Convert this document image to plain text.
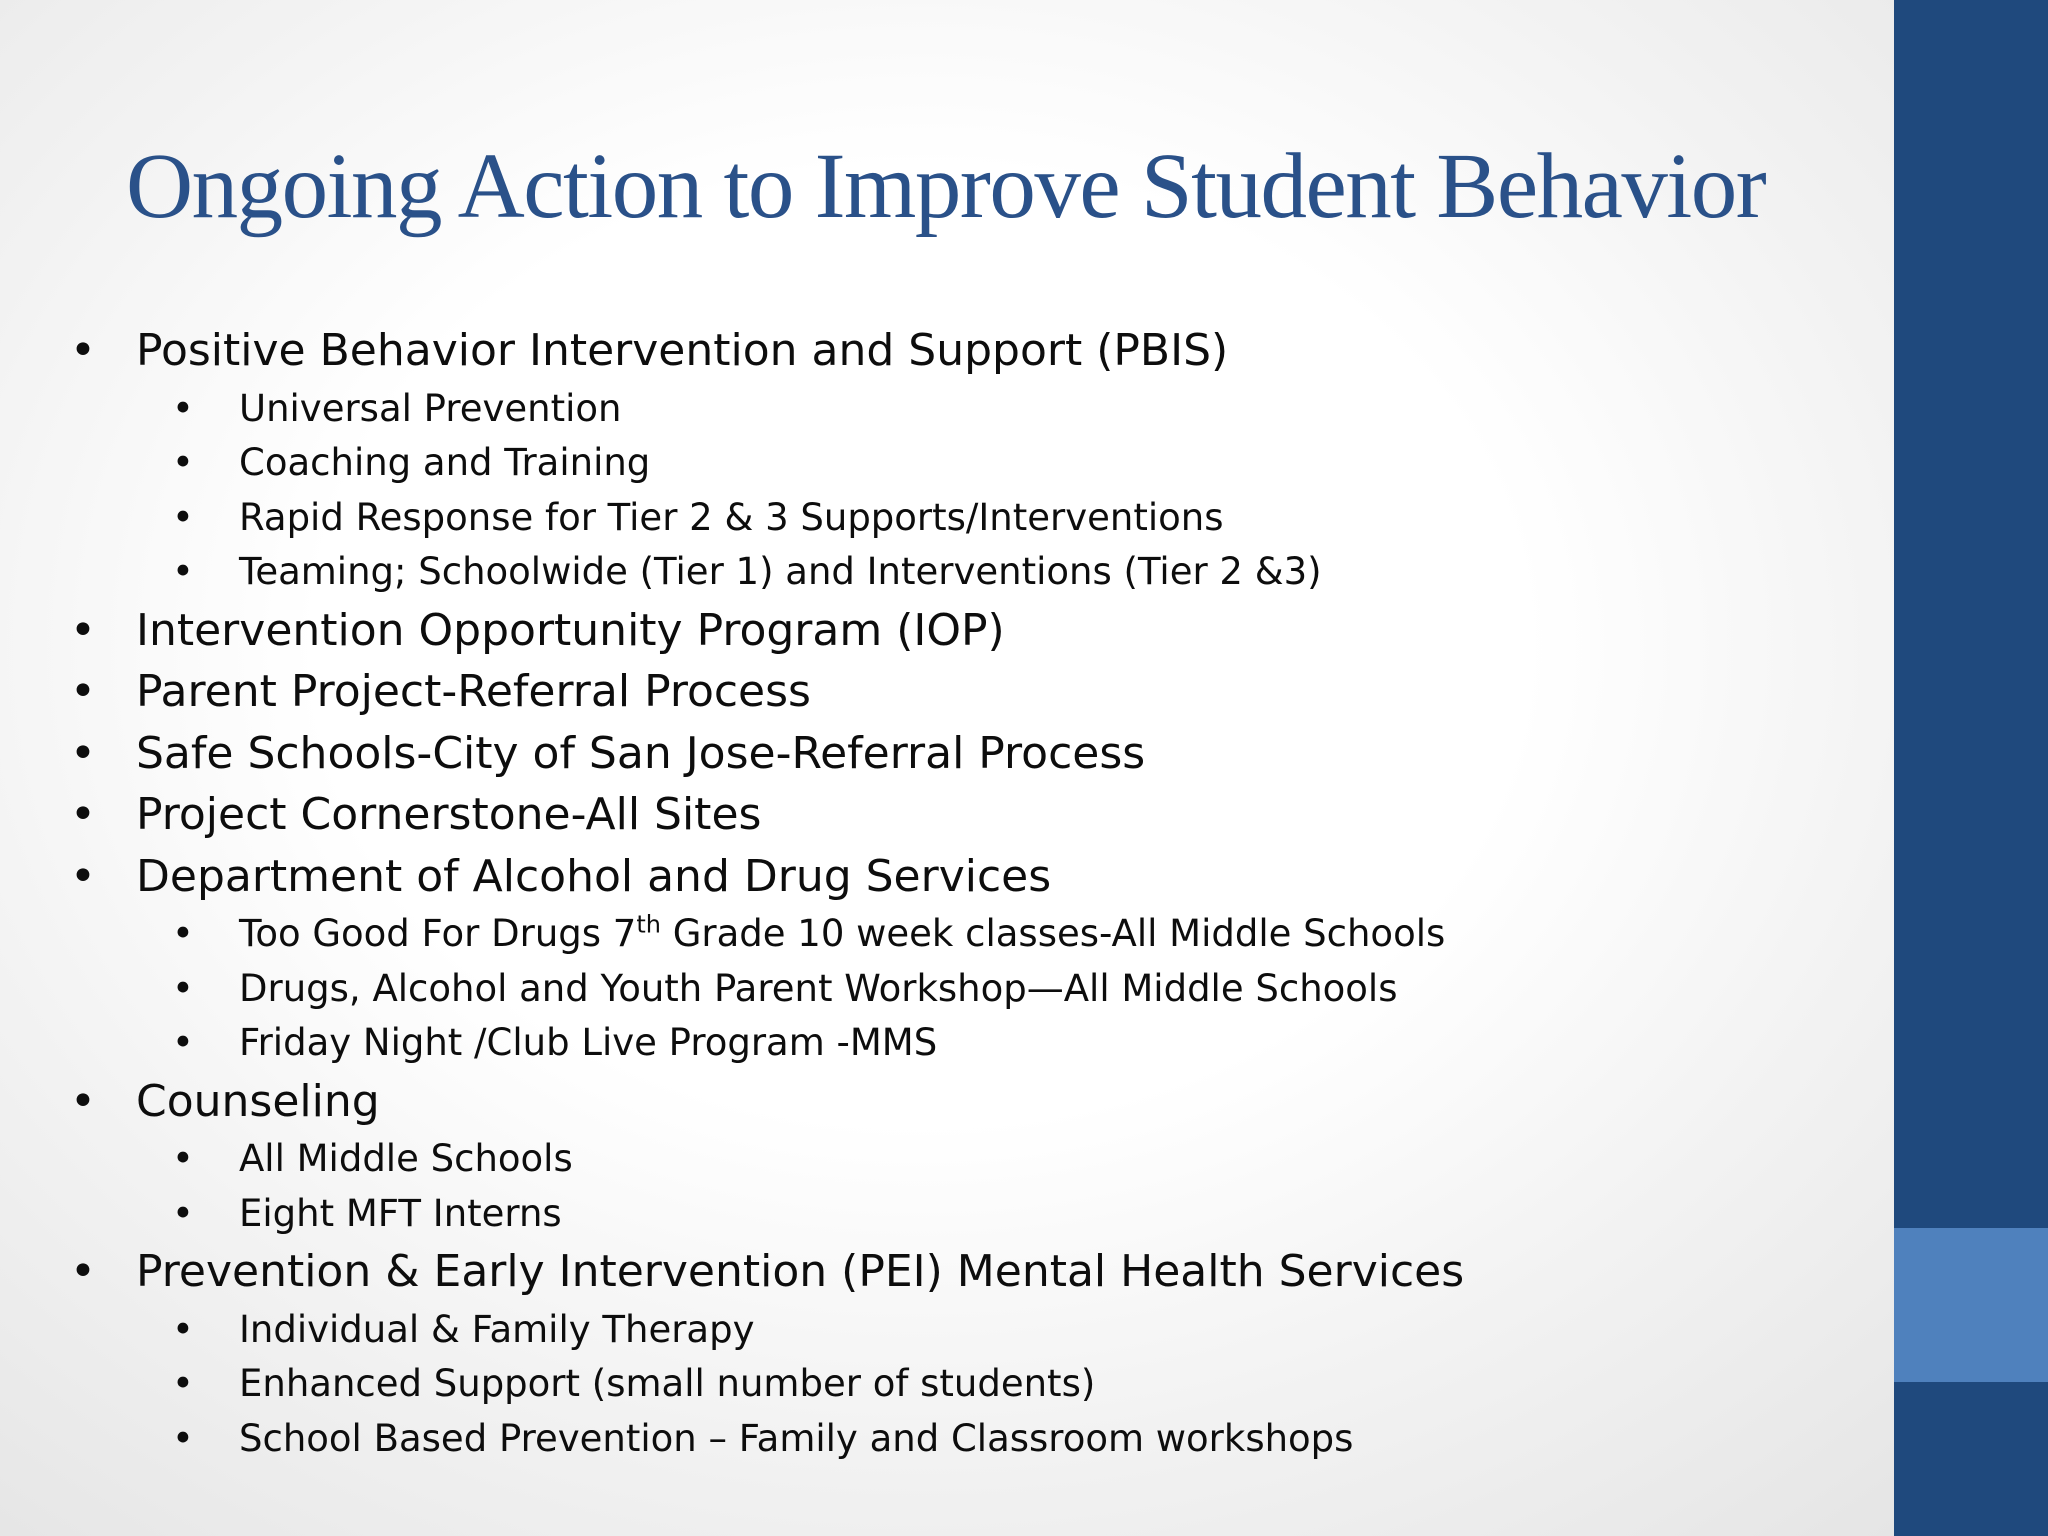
Ongoing Action to Improve Student Behavior
• Positive Behavior Intervention and Support (PBIS)
• Universal Prevention
• Coaching and Training
• Rapid Response for Tier 2 & 3 Supports/Interventions
• Teaming; Schoolwide (Tier 1) and Interventions (Tier 2 &3)
• Intervention Opportunity Program (IOP)
• Parent Project-Referral Process
• Safe Schools-City of San Jose-Referral Process
• Project Cornerstone-All Sites
• Department of Alcohol and Drug Services
• Too Good For Drugs 7th Grade 10 week classes-All Middle Schools
• Drugs, Alcohol and Youth Parent Workshop—All Middle Schools
• Friday Night /Club Live Program -MMS
• Counseling
• All Middle Schools
• Eight MFT Interns
• Prevention & Early Intervention (PEI) Mental Health Services
• Individual & Family Therapy
• Enhanced Support (small number of students)
• School Based Prevention – Family and Classroom workshops
